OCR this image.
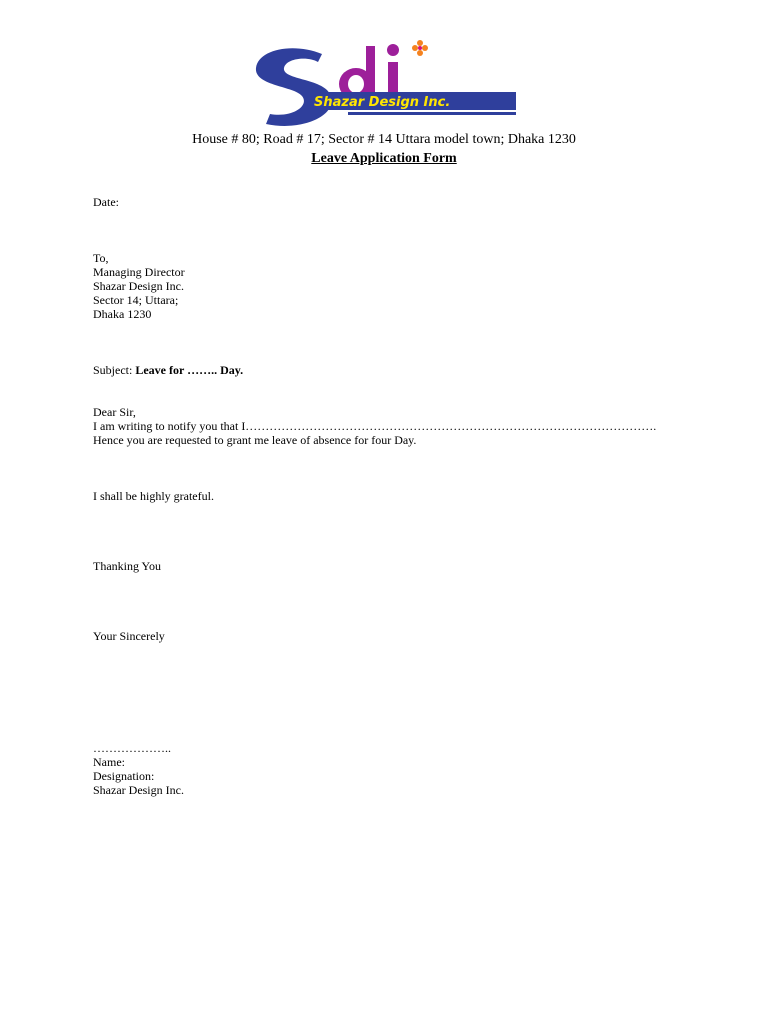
Shazar Design Inc.
House # 80; Road # 17; Sector # 14 Uttara model town; Dhaka 1230
Leave Application Form
Date:
To,
Managing Director
Shazar Design Inc.
Sector 14; Uttara;
Dhaka 1230
Subject: Leave for …….. Day.
Dear Sir,
I am writing to notify you that I………………………………………………………………………………………….
Hence you are requested to grant me leave of absence for four Day.
I shall be highly grateful.
Thanking You
Your Sincerely
………………..
Name:
Designation:
Shazar Design Inc.
